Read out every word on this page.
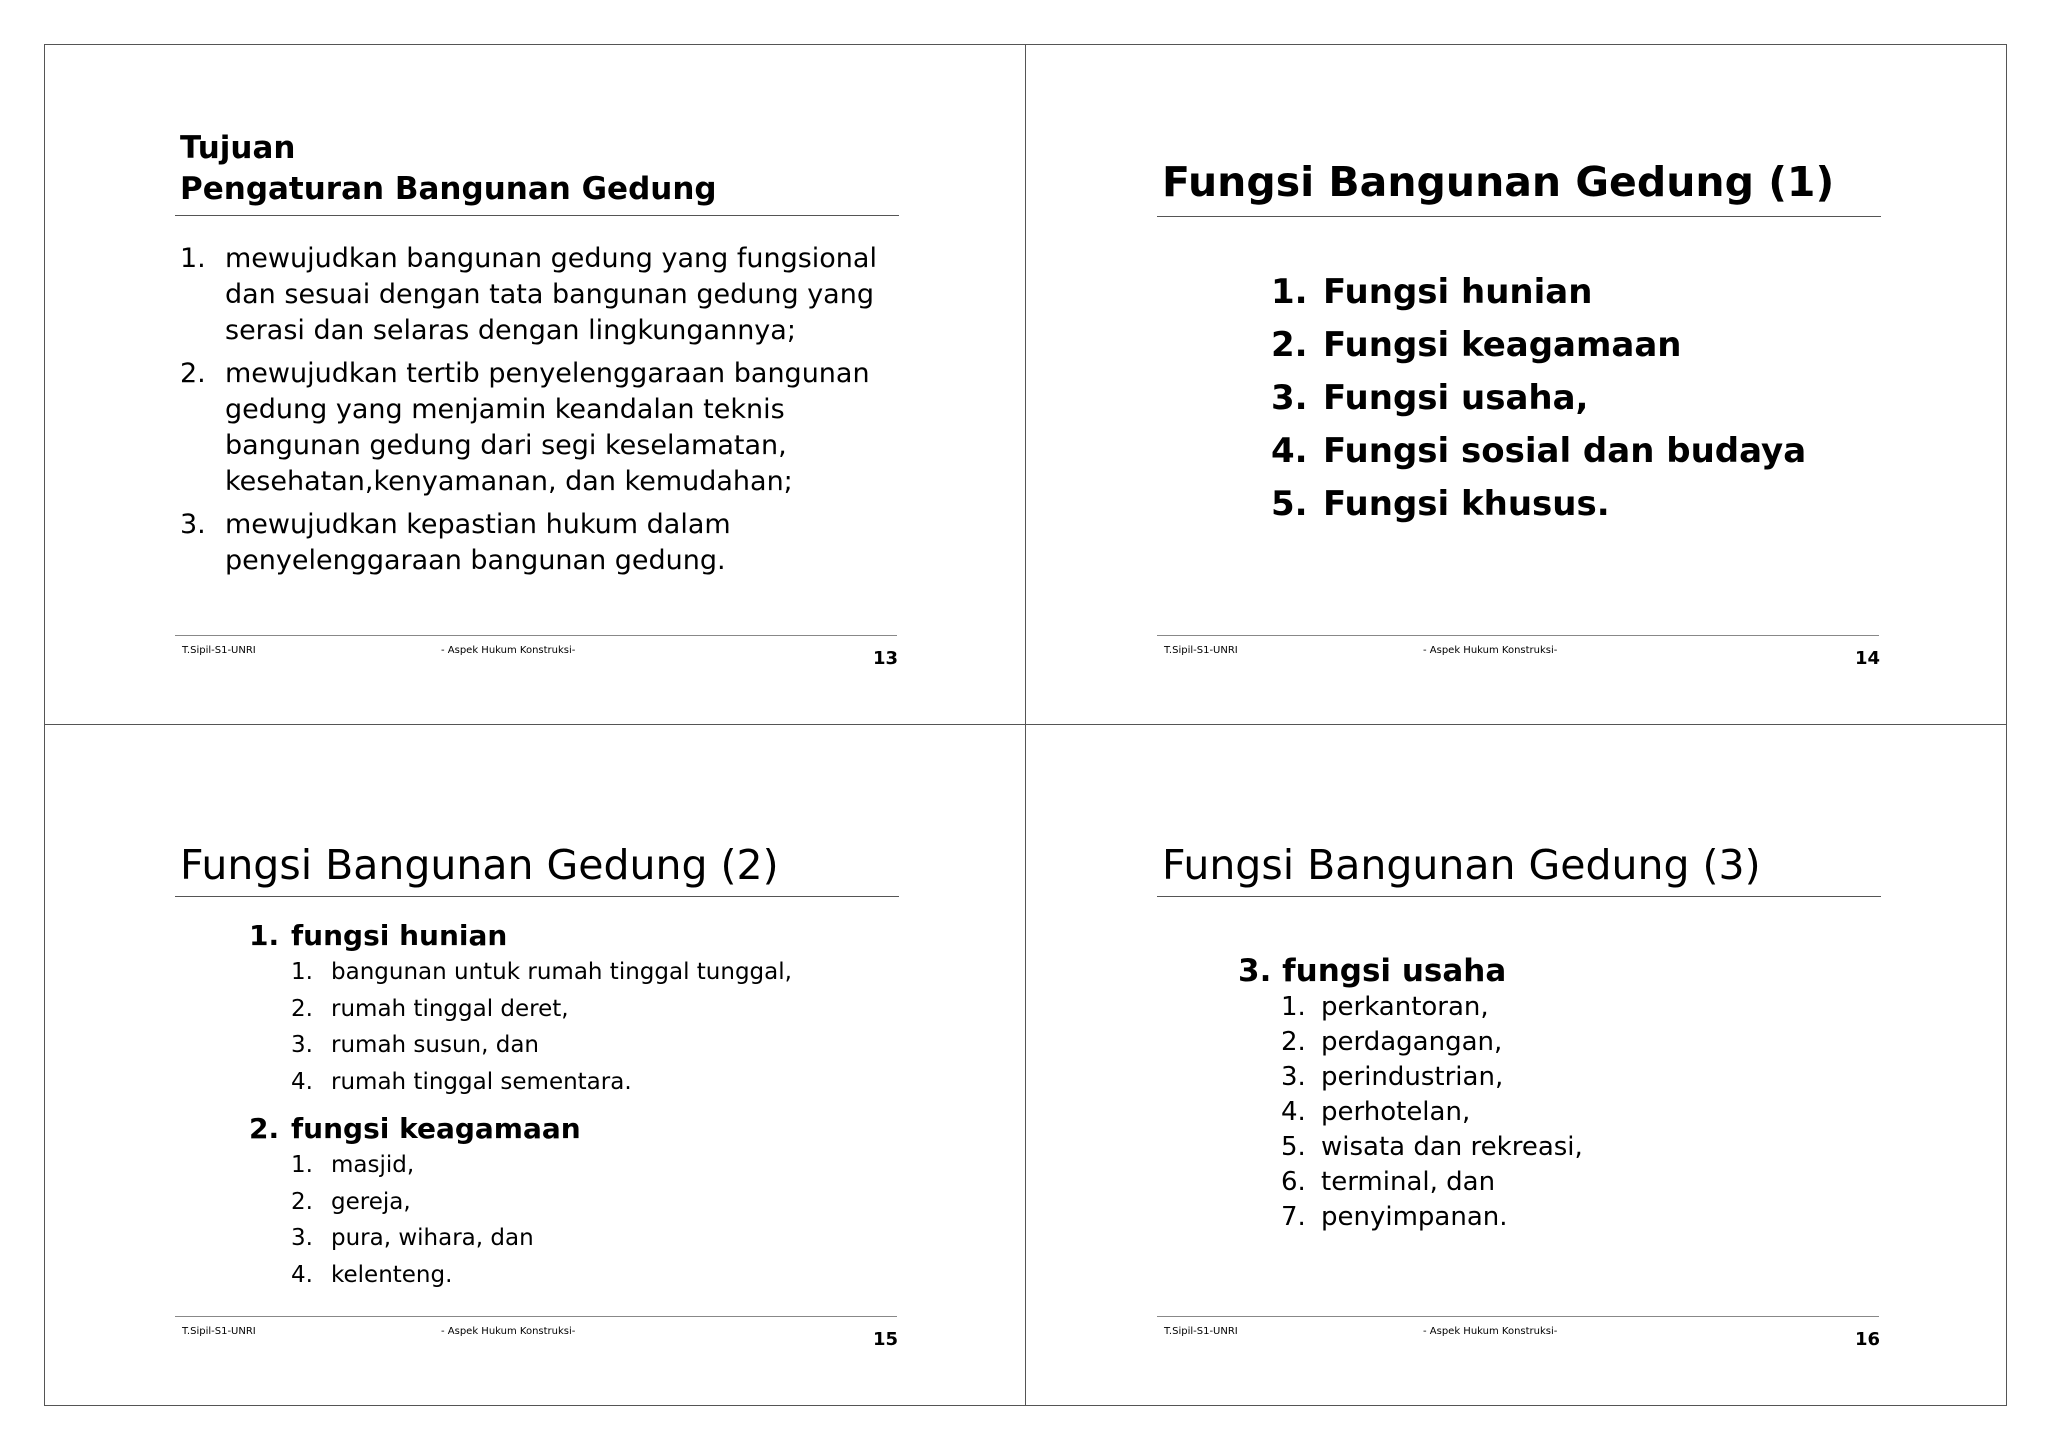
Tujuan
Pengaturan Bangunan Gedung
1. mewujudkan bangunan gedung yang fungsional
dan sesuai dengan tata bangunan gedung yang
serasi dan selaras dengan lingkungannya;
2. mewujudkan tertib penyelenggaraan bangunan
gedung yang menjamin keandalan teknis
bangunan gedung dari segi keselamatan,
kesehatan,kenyamanan, dan kemudahan;
3. mewujudkan kepastian hukum dalam
penyelenggaraan bangunan gedung.
T.Sipil-S1-UNRI	- Aspek Hukum Konstruksi-	13
Fungsi Bangunan Gedung (1)
1. Fungsi hunian
2. Fungsi keagamaan
3. Fungsi usaha,
4. Fungsi sosial dan budaya
5. Fungsi khusus.
T.Sipil-S1-UNRI	- Aspek Hukum Konstruksi-	14
Fungsi Bangunan Gedung (2)
1. fungsi hunian
1. bangunan untuk rumah tinggal tunggal,
2. rumah tinggal deret,
3. rumah susun, dan
4. rumah tinggal sementara.
2. fungsi keagamaan
1. masjid,
2. gereja,
3. pura, wihara, dan
4. kelenteng.
T.Sipil-S1-UNRI	- Aspek Hukum Konstruksi-	15
Fungsi Bangunan Gedung (3)
3. fungsi usaha
1. perkantoran,
2. perdagangan,
3. perindustrian,
4. perhotelan,
5. wisata dan rekreasi,
6. terminal, dan
7. penyimpanan.
T.Sipil-S1-UNRI	- Aspek Hukum Konstruksi-	16
